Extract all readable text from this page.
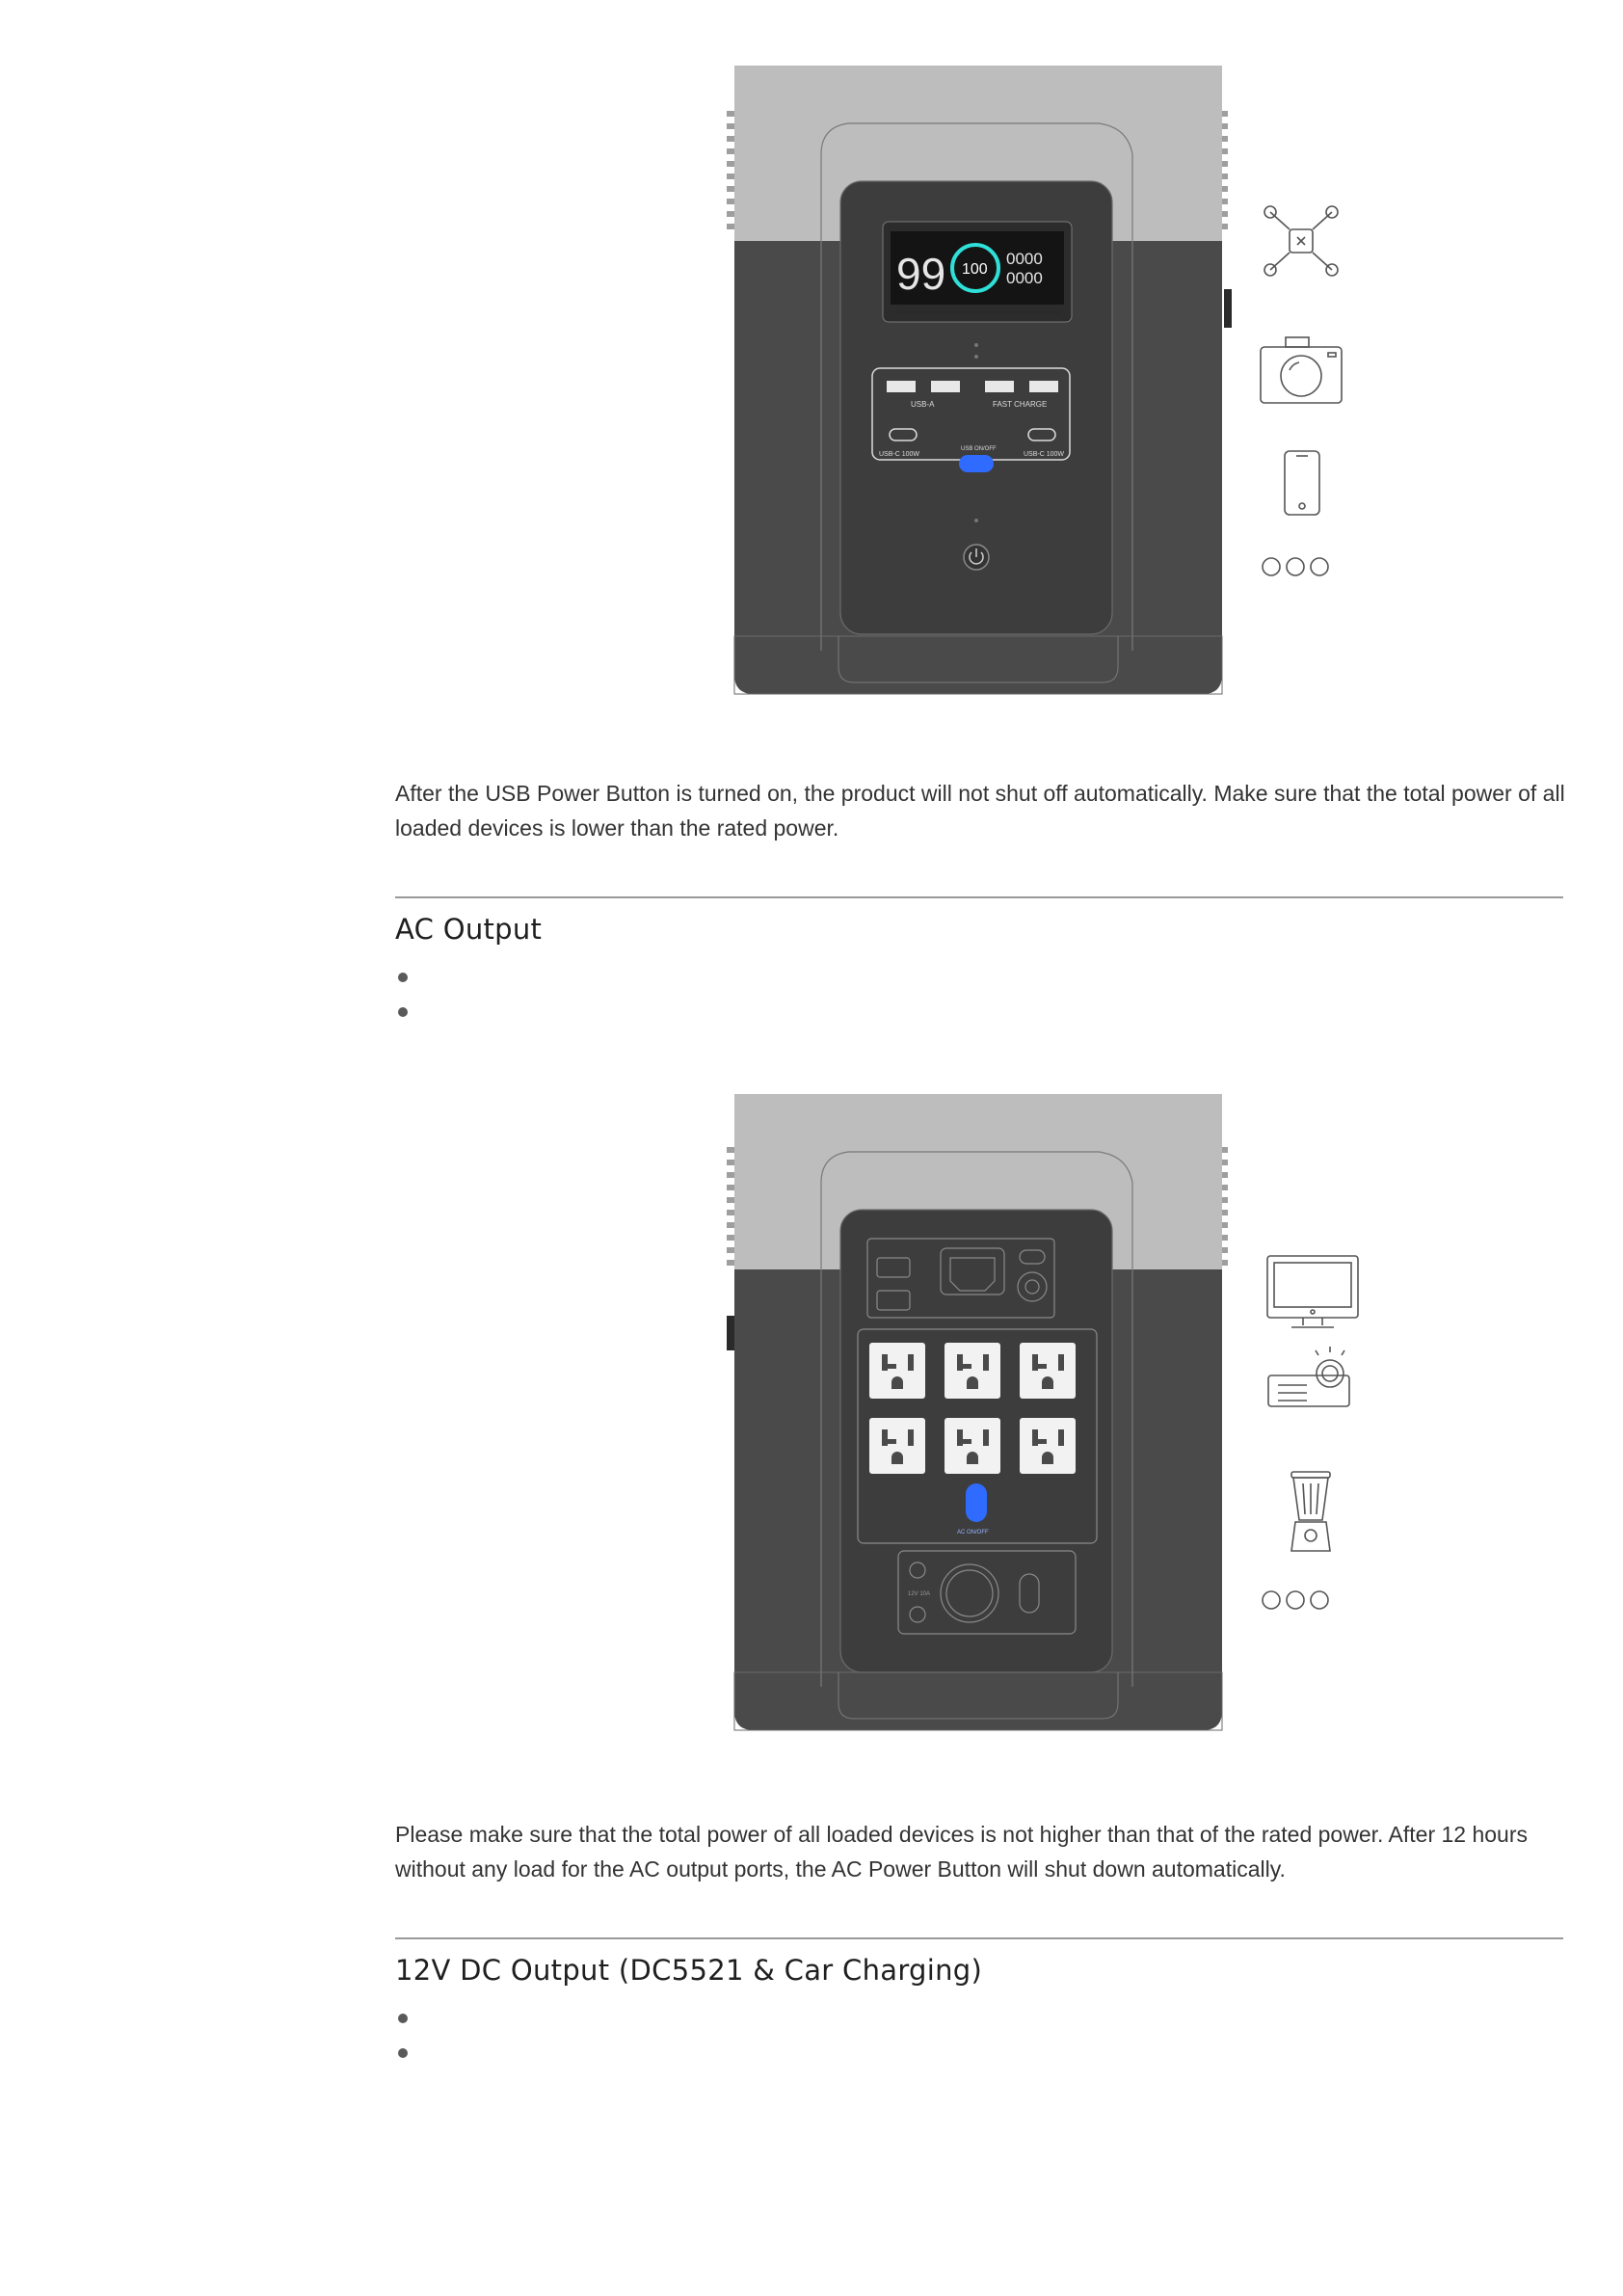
99 100
0000
0000
USB-A	FAST CHARGE
USB-C 100W	USB-C 100W
USB ON/OFF

After the USB Power Button is turned on, the product will not shut off automatically. Make sure that the total power of all loaded devices is lower than the rated power.

AC Output
AC ON/OFF
12V 10A

Please make sure that the total power of all loaded devices is not higher than that of the rated power. After 12 hours without any load for the AC output ports, the AC Power Button will shut down automatically.

12V DC Output (DC5521 & Car Charging)
